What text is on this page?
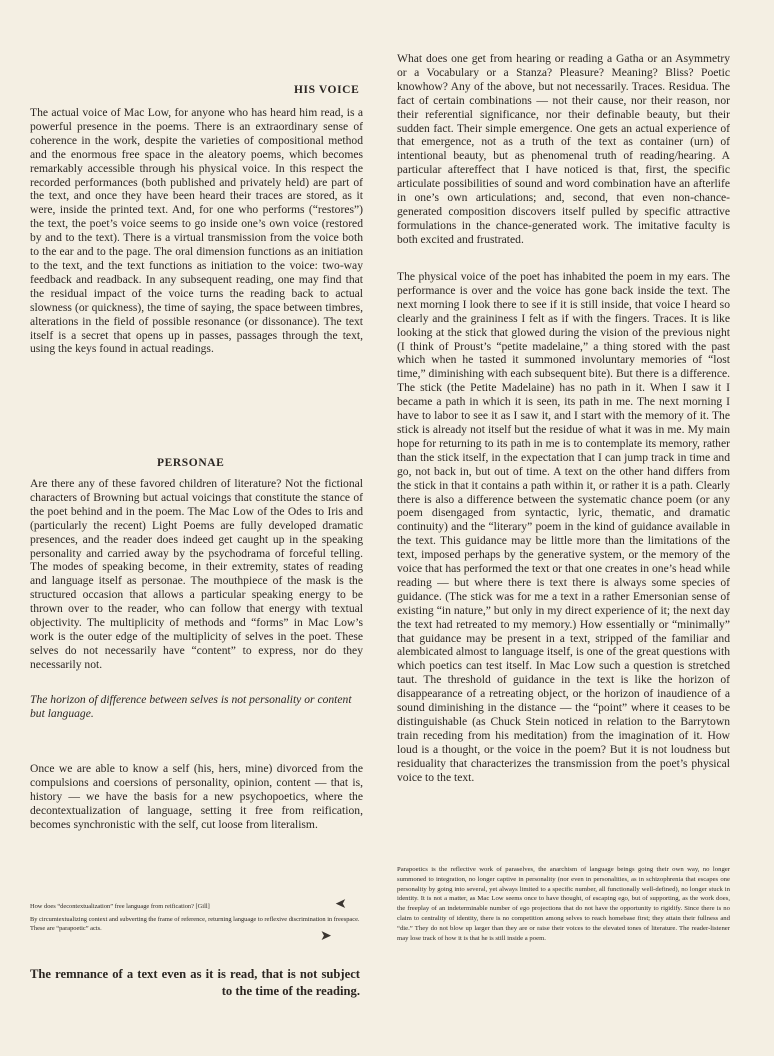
HIS VOICE

The actual voice of Mac Low, for anyone who has heard him read, is a powerful presence in the poems. There is an extraordinary sense of coherence in the work, despite the varieties of compositional method and the enormous free space in the aleatory poems, which becomes remarkably accessible through his physical voice. In this respect the recorded performances (both published and privately held) are part of the text, and once they have been heard their traces are stored, as it were, inside the printed text. And, for one who performs (“restores”) the text, the poet’s voice seems to go inside one’s own voice (restored by and to the text). There is a virtual transmission from the voice both to the ear and to the page. The oral dimension functions as an initiation to the text, and the text functions as initiation to the voice: two-way feedback and readback. In any subsequent reading, one may find that the residual impact of the voice turns the reading back to actual slowness (or quickness), the time of saying, the space between timbres, alterations in the field of possible resonance (or dissonance). The text itself is a secret that opens up in passes, passages through the text, using the keys found in actual readings.

PERSONAE

Are there any of these favored children of literature? Not the fictional characters of Browning but actual voicings that constitute the stance of the poet behind and in the poem. The Mac Low of the Odes to Iris and (particularly the recent) Light Poems are fully developed dramatic presences, and the reader does indeed get caught up in the speaking personality and carried away by the psychodrama of forceful telling. The modes of speaking become, in their extremity, states of reading and language itself as personae. The mouthpiece of the mask is the structured occasion that allows a particular speaking energy to be thrown over to the reader, who can follow that energy with textual objectivity. The multiplicity of methods and “forms” in Mac Low’s work is the outer edge of the multiplicity of selves in the poet. These selves do not necessarily have “content” to express, nor do they necessarily not.

The horizon of difference between selves is not personality or content but language.

Once we are able to know a self (his, hers, mine) divorced from the compulsions and coersions of personality, opinion, content — that is, history — we have the basis for a new psychopoetics, where the decontextualization of language, setting it free from reification, becomes synchronistic with the self, cut loose from literalism.

How does “decontextualization” free language from reification? [Gill]	➤

By circumtextualizing context and subverting the frame of reference, returning language to reflexive discrimination in freespace. These are “parapoetic” acts.	➤

The remnance of a text even as it is read, that is not subject to the time of the reading.

What does one get from hearing or reading a Gatha or an Asymmetry or a Vocabulary or a Stanza? Pleasure? Meaning? Bliss? Poetic knowhow? Any of the above, but not necessarily. Traces. Residua. The fact of certain combinations — not their cause, nor their reason, nor their referential significance, nor their definable beauty, but their sudden fact. Their simple emergence. One gets an actual experience of that emergence, not as a truth of the text as container (urn) of intentional beauty, but as phenomenal truth of reading/hearing. A particular aftereffect that I have noticed is that, first, the specific articulate possibilities of sound and word combination have an afterlife in one’s own articulations; and, second, that even non-chance-generated composition discovers itself pulled by specific attractive formulations in the chance-generated work. The imitative faculty is both excited and frustrated.

The physical voice of the poet has inhabited the poem in my ears. The performance is over and the voice has gone back inside the text. The next morning I look there to see if it is still inside, that voice I heard so clearly and the graininess I felt as if with the fingers. Traces. It is like looking at the stick that glowed during the vision of the previous night (I think of Proust’s “petite madelaine,” a thing stored with the past which when he tasted it summoned involuntary memories of “lost time,” diminishing with each subsequent bite). But there is a difference. The stick (the Petite Madelaine) has no path in it. When I saw it I became a path in which it is seen, its path in me. The next morning I have to labor to see it as I saw it, and I start with the memory of it. The stick is already not itself but the residue of what it was in me. My main hope for returning to its path in me is to contemplate its memory, rather than the stick itself, in the expectation that I can jump track in time and go, not back in, but out of time. A text on the other hand differs from the stick in that it contains a path within it, or rather it is a path. Clearly there is also a difference between the systematic chance poem (or any poem disengaged from syntactic, lyric, thematic, and dramatic continuity) and the “literary” poem in the kind of guidance available in the text. This guidance may be little more than the limitations of the text, imposed perhaps by the generative system, or the memory of the voice that has performed the text or that one creates in one’s head while reading — but where there is text there is always some species of guidance. (The stick was for me a text in a rather Emersonian sense of existing “in nature,” but only in my direct experience of it; the next day the text had retreated to my memory.) How essentially or “minimally” that guidance may be present in a text, stripped of the familiar and alembicated almost to language itself, is one of the great questions with which poetics can test itself. In Mac Low such a question is stretched taut. The threshold of guidance in the text is like the horizon of disappearance of a retreating object, or the horizon of inaudience of a sound diminishing in the distance — the “point” where it ceases to be distinguishable (as Chuck Stein noticed in relation to the Barrytown train receding from his meditation) from the imagination of it. How loud is a thought, or the voice in the poem? But it is not loudness but residuality that characterizes the transmission from the poet’s physical voice to the text.

Parapoetics is the reflective work of paraselves, the anarchism of language beings going their own way, no longer summoned to integration, no longer captive in personality (nor even in personalities, as in schizophrenia that escapes one personality by going into several, yet always limited to a specific number, all functionally well-defined), no longer stuck in identity. It is not a matter, as Mac Low seems once to have thought, of escaping ego, but of supporting, as the work does, the freeplay of an indeterminable number of ego projections that do not have the opportunity to rigidify. Since there is no claim to centrality of identity, there is no competition among selves to reach homebase first; they attain their fullness and “die.” They do not blow up larger than they are or raise their voices to the elevated tones of literature. The reader-listener may lose track of how it is that he is still inside a poem.
